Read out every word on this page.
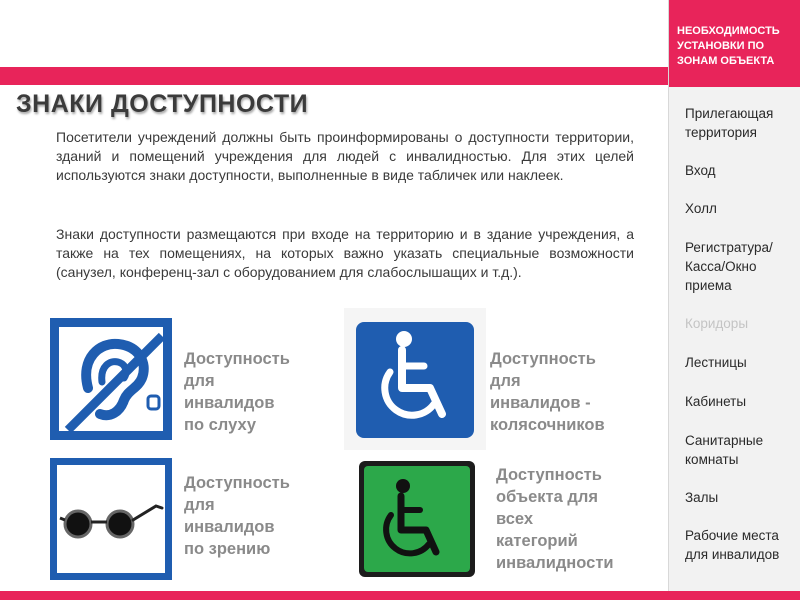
ЗНАКИ ДОСТУПНОСТИ
Посетители учреждений должны быть проинформированы о доступности территории, зданий и помещений учреждения для людей с инвалидностью. Для этих целей используются знаки доступности, выполненные в виде табличек или наклеек.
Знаки доступности размещаются при входе на территорию и в здание учреждения, а также на тех помещениях, на которых важно указать специальные возможности (санузел, конференц-зал с оборудованием для слабослышащих и т.д.).
Доступность
для
инвалидов
по слуху
Доступность
для
инвалидов -
колясочников
Доступность
для
инвалидов
по зрению
Доступность
объекта для
всех
категорий
инвалидности
НЕОБХОДИМОСТЬ УСТАНОВКИ ПО ЗОНАМ ОБЪЕКТА
Прилегающая территория
Вход
Холл
Регистратура/ Касса/Окно приема
Коридоры
Лестницы
Кабинеты
Санитарные комнаты
Залы
Рабочие места для инвалидов
